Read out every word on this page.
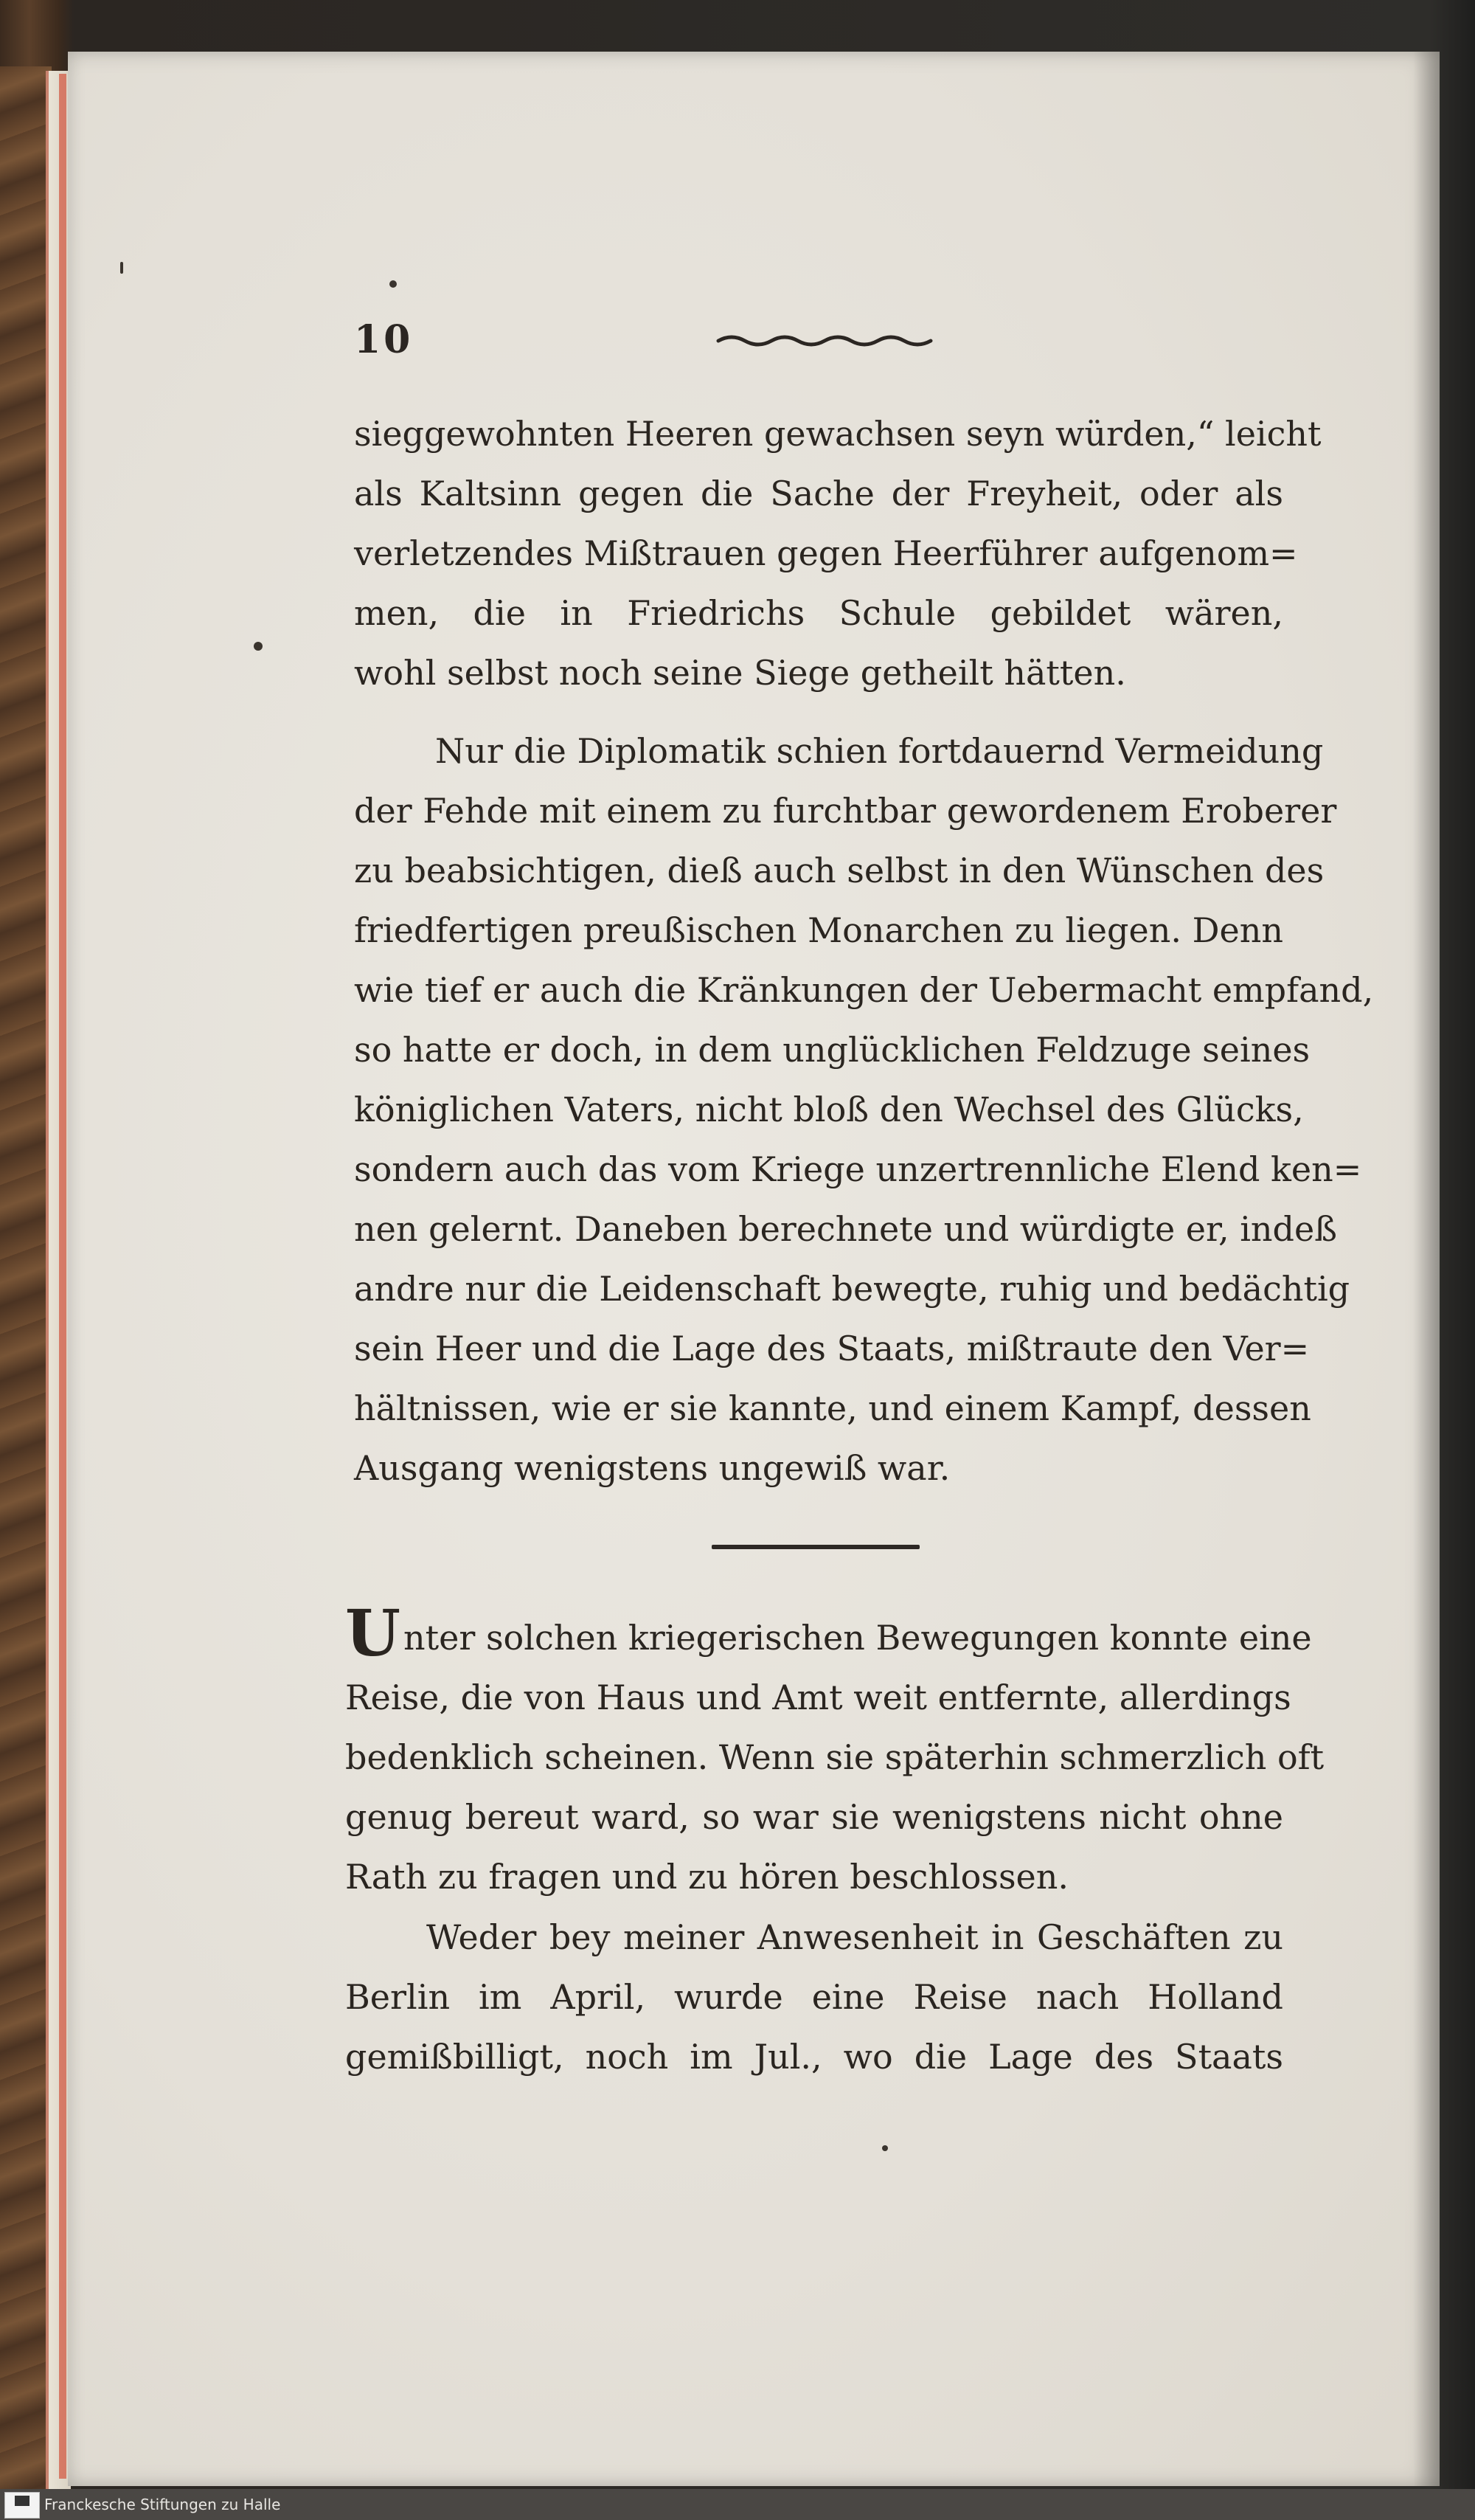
10
sieggewohnten Heeren gewachsen seyn würden,“ leicht
als Kaltsinn gegen die Sache der Freyheit, oder als
verletzendes Mißtrauen gegen Heerführer aufgenom=
men, die in Friedrichs Schule gebildet wären,
wohl selbst noch seine Siege getheilt hätten.
Nur die Diplomatik schien fortdauernd Vermeidung
der Fehde mit einem zu furchtbar gewordenem Eroberer
zu beabsichtigen, dieß auch selbst in den Wünschen des
friedfertigen preußischen Monarchen zu liegen. Denn
wie tief er auch die Kränkungen der Uebermacht empfand,
so hatte er doch, in dem unglücklichen Feldzuge seines
königlichen Vaters, nicht bloß den Wechsel des Glücks,
sondern auch das vom Kriege unzertrennliche Elend ken=
nen gelernt. Daneben berechnete und würdigte er, indeß
andre nur die Leidenschaft bewegte, ruhig und bedächtig
sein Heer und die Lage des Staats, mißtraute den Ver=
hältnissen, wie er sie kannte, und einem Kampf, dessen
Ausgang wenigstens ungewiß war.
Unter solchen kriegerischen Bewegungen konnte eine
Reise, die von Haus und Amt weit entfernte, allerdings
bedenklich scheinen. Wenn sie späterhin schmerzlich oft
genug bereut ward, so war sie wenigstens nicht ohne
Rath zu fragen und zu hören beschlossen.
Weder bey meiner Anwesenheit in Geschäften zu
Berlin im April, wurde eine Reise nach Holland
gemißbilligt, noch im Jul., wo die Lage des Staats
Franckesche Stiftungen zu Halle
